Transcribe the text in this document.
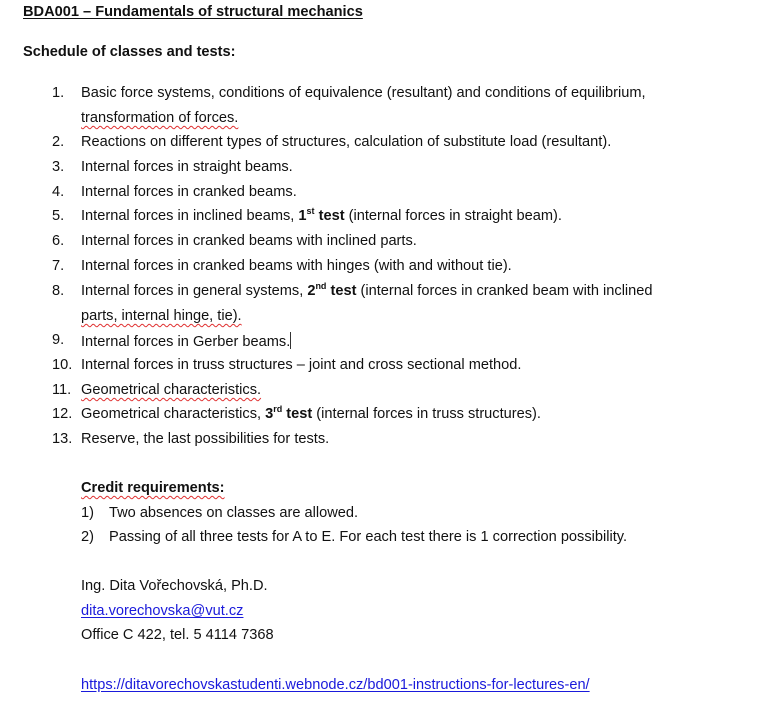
BDA001 – Fundamentals of structural mechanics
Schedule of classes and tests:
1.	Basic force systems, conditions of equivalence (resultant) and conditions of equilibrium,
transformation of forces.
2.	Reactions on different types of structures, calculation of substitute load (resultant).
3.	Internal forces in straight beams.
4.	Internal forces in cranked beams.
5.	Internal forces in inclined beams, 1st test (internal forces in straight beam).
6.	Internal forces in cranked beams with inclined parts.
7.	Internal forces in cranked beams with hinges (with and without tie).
8.	Internal forces in general systems, 2nd test (internal forces in cranked beam with inclined
parts, internal hinge, tie).
9.	Internal forces in Gerber beams.
10. Internal forces in truss structures – joint and cross sectional method.
11. Geometrical characteristics.
12. Geometrical characteristics, 3rd test (internal forces in truss structures).
13. Reserve, the last possibilities for tests.
Credit requirements:
1) Two absences on classes are allowed.
2) Passing of all three tests for A to E. For each test there is 1 correction possibility.
Ing. Dita Vořechovská, Ph.D.
dita.vorechovska@vut.cz
Office C 422, tel. 5 4114 7368
https://ditavorechovskastudenti.webnode.cz/bd001-instructions-for-lectures-en/
